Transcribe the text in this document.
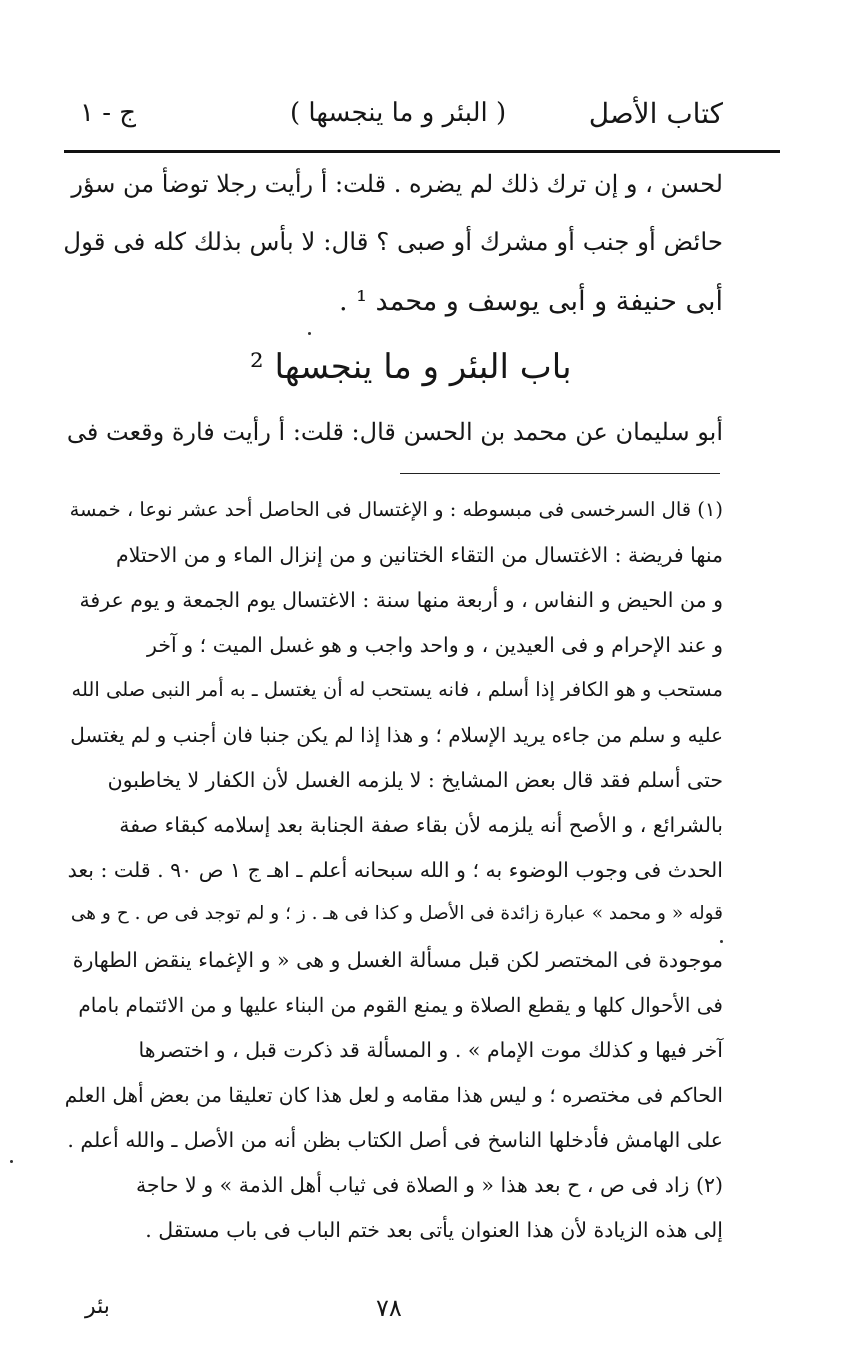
كتاب الأصل
( البئر و ما ينجسها )
ج - ١
لحسن ، و إن ترك ذلك لم يضره . قلت: أ رأيت رجلا توضأ من سؤر
حائض أو جنب أو مشرك أو صبى ؟ قال: لا بأس بذلك كله فى قول
أبى حنيفة و أبى يوسف و محمد ¹ .
باب البئر و ما ينجسها ²
أبو سليمان عن محمد بن الحسن قال: قلت: أ رأيت فارة وقعت فى
(١) قال السرخسى فى مبسوطه : و الإغتسال فى الحاصل أحد عشر نوعا ، خمسة
منها فريضة : الاغتسال من التقاء الختانين و من إنزال الماء و من الاحتلام
و من الحيض و النفاس ، و أربعة منها سنة : الاغتسال يوم الجمعة و يوم عرفة
و عند الإحرام و فى العيدين ، و واحد واجب و هو غسل الميت ؛ و آخر
مستحب و هو الكافر إذا أسلم ، فانه يستحب له أن يغتسل ـ به أمر النبى صلى الله
عليه و سلم من جاءه يريد الإسلام ؛ و هذا إذا لم يكن جنبا فان أجنب و لم يغتسل
حتى أسلم فقد قال بعض المشايخ : لا يلزمه الغسل لأن الكفار لا يخاطبون
بالشرائع ، و الأصح أنه يلزمه لأن بقاء صفة الجنابة بعد إسلامه كبقاء صفة
الحدث فى وجوب الوضوء به ؛ و الله سبحانه أعلم ـ اهـ ج ١ ص ٩٠ . قلت : بعد
قوله « و محمد » عبارة زائدة فى الأصل و كذا فى هـ . ز ؛ و لم توجد فى ص . ح و هى
موجودة فى المختصر لكن قبل مسألة الغسل و هى « و الإغماء ينقض الطهارة
فى الأحوال كلها و يقطع الصلاة و يمنع القوم من البناء عليها و من الائتمام بامام
آخر فيها و كذلك موت الإمام » . و المسألة قد ذكرت قبل ، و اختصرها
الحاكم فى مختصره ؛ و ليس هذا مقامه و لعل هذا كان تعليقا من بعض أهل العلم
على الهامش فأدخلها الناسخ فى أصل الكتاب بظن أنه من الأصل ـ والله أعلم .
(٢) زاد فى ص ، ح بعد هذا « و الصلاة فى ثياب أهل الذمة » و لا حاجة
إلى هذه الزيادة لأن هذا العنوان يأتى بعد ختم الباب فى باب مستقل .
٧٨
بئر
